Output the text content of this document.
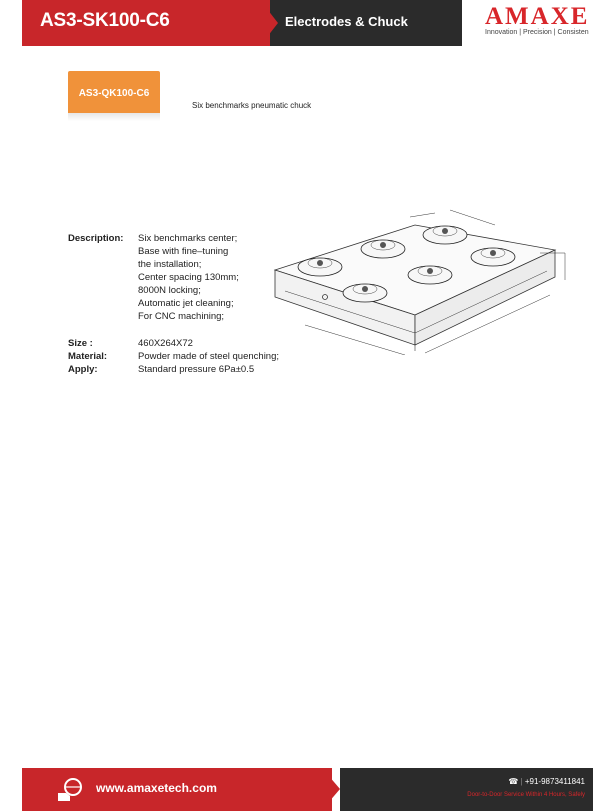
AS3-SK100-C6	Electrodes & Chuck	AMAXE
Innovation | Precision | Consisten
AS3-QK100-C6
Six benchmarks pneumatic chuck
Description: Six benchmarks center;
Base with fine–tuning
the installation;
Center spacing 130mm;
8000N locking;
Automatic jet cleaning;
For CNC machining;
Size :	460X264X72
Material:	Powder made of steel quenching;
Apply:	Standard pressure 6Pa±0.5
www.amaxetech.com	☎ | +91-9873411841
Door-to-Door Service Within 4 Hours, Safely
